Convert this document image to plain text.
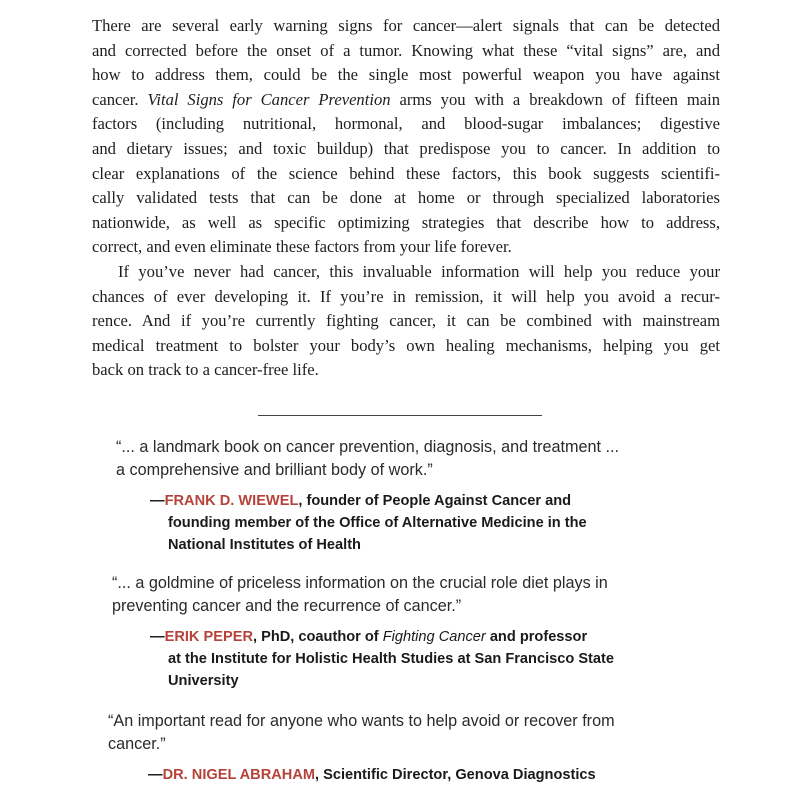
There are several early warning signs for cancer—alert signals that can be detected
and corrected before the onset of a tumor. Knowing what these “vital signs” are, and
how to address them, could be the single most powerful weapon you have against
cancer. Vital Signs for Cancer Prevention arms you with a breakdown of fifteen main
factors (including nutritional, hormonal, and blood-sugar imbalances; digestive
and dietary issues; and toxic buildup) that predispose you to cancer. In addition to
clear explanations of the science behind these factors, this book suggests scientifi-
cally validated tests that can be done at home or through specialized laboratories
nationwide, as well as specific optimizing strategies that describe how to address,
correct, and even eliminate these factors from your life forever.
If you’ve never had cancer, this invaluable information will help you reduce your
chances of ever developing it. If you’re in remission, it will help you avoid a recur-
rence. And if you’re currently fighting cancer, it can be combined with mainstream
medical treatment to bolster your body’s own healing mechanisms, helping you get
back on track to a cancer-free life.
“... a landmark book on cancer prevention, diagnosis, and treatment ...
a comprehensive and brilliant body of work.”
—FRANK D. WIEWEL, founder of People Against Cancer and
founding member of the Office of Alternative Medicine in the
National Institutes of Health
“... a goldmine of priceless information on the crucial role diet plays in
preventing cancer and the recurrence of cancer.”
—ERIK PEPER, PhD, coauthor of Fighting Cancer and professor
at the Institute for Holistic Health Studies at San Francisco State
University
“An important read for anyone who wants to help avoid or recover from
cancer.”
—DR. NIGEL ABRAHAM, Scientific Director, Genova Diagnostics
